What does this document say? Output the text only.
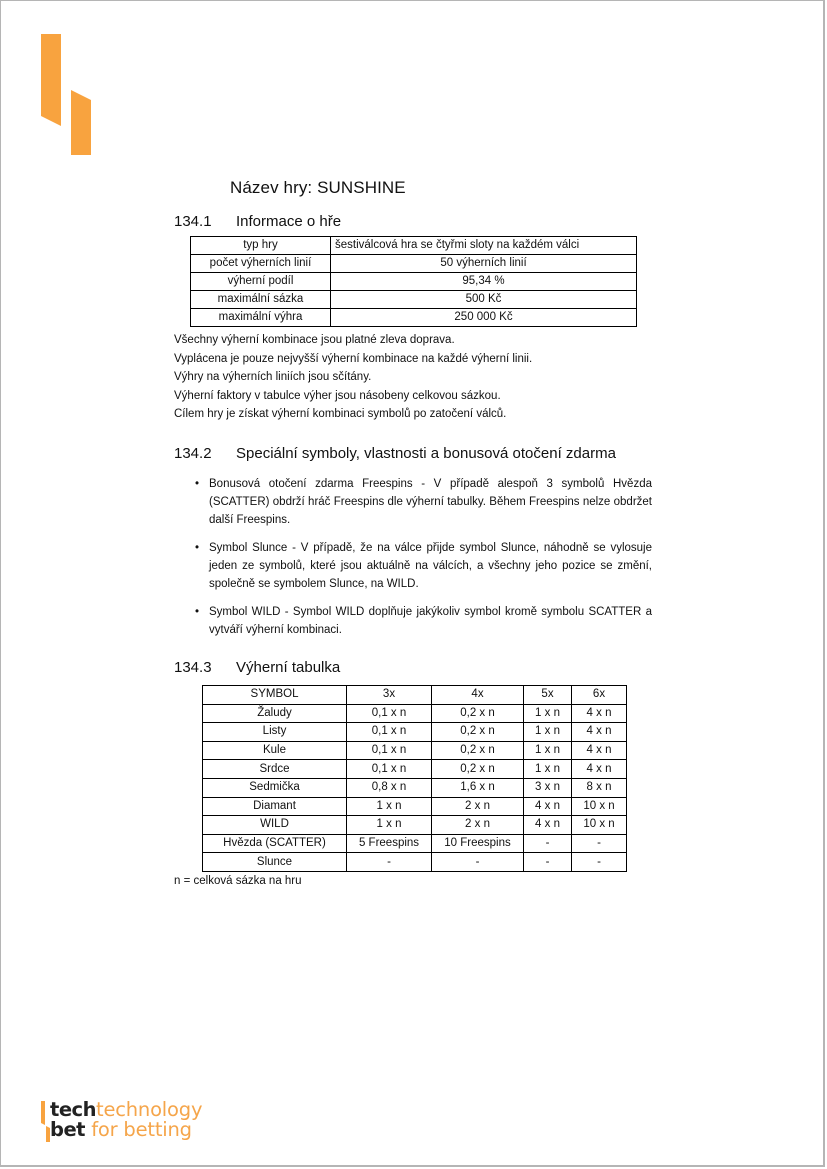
Název hry: SUNSHINE
134.1 Informace o hře
typ hry	šestiválcová hra se čtyřmi sloty na každém válci
počet výherních linií	50 výherních linií
výherní podíl	95,34 %
maximální sázka	500 Kč
maximální výhra	250 000 Kč
Všechny výherní kombinace jsou platné zleva doprava.
Vyplácena je pouze nejvyšší výherní kombinace na každé výherní linii.
Výhry na výherních liniích jsou sčítány.
Výherní faktory v tabulce výher jsou násobeny celkovou sázkou.
Cílem hry je získat výherní kombinaci symbolů po zatočení válců.
134.2 Speciální symboly, vlastnosti a bonusová otočení zdarma
• Bonusová otočení zdarma Freespins - V případě alespoň 3 symbolů Hvězda (SCATTER) obdrží hráč Freespins dle výherní tabulky. Během Freespins nelze obdržet další Freespins.
• Symbol Slunce - V případě, že na válce přijde symbol Slunce, náhodně se vylosuje jeden ze symbolů, které jsou aktuálně na válcích, a všechny jeho pozice se změní, společně se symbolem Slunce, na WILD.
• Symbol WILD - Symbol WILD doplňuje jakýkoliv symbol kromě symbolu SCATTER a vytváří výherní kombinaci.
134.3 Výherní tabulka
SYMBOL	3x	4x	5x	6x
Žaludy	0,1 x n	0,2 x n	1 x n	4 x n
Listy	0,1 x n	0,2 x n	1 x n	4 x n
Kule	0,1 x n	0,2 x n	1 x n	4 x n
Srdce	0,1 x n	0,2 x n	1 x n	4 x n
Sedmička	0,8 x n	1,6 x n	3 x n	8 x n
Diamant	1 x n	2 x n	4 x n	10 x n
WILD	1 x n	2 x n	4 x n	10 x n
Hvězda (SCATTER)	5 Freespins	10 Freespins	-	-
Slunce	-	-	-	-
n = celková sázka na hru
techtechnology
bet for betting
